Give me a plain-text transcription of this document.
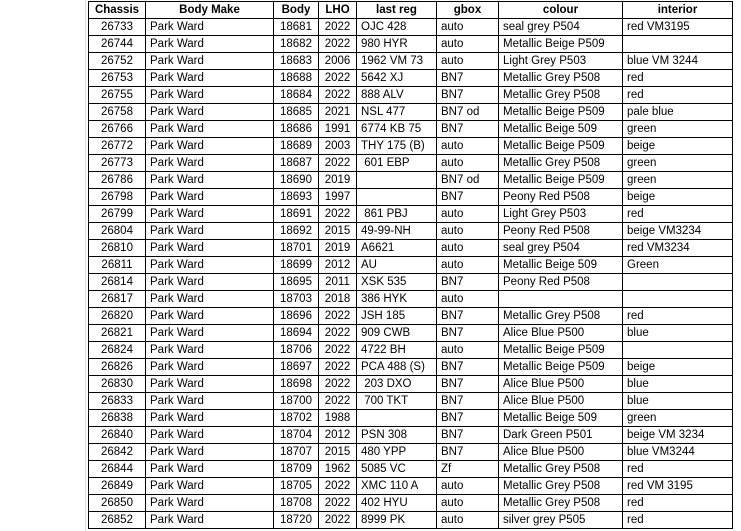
Chassis	Body Make	Body	LHO	last reg	gbox	colour	interior
26733	Park Ward	18681	2022	OJC 428	auto	seal grey P504	red VM3195
26744	Park Ward	18682	2022	980 HYR	auto	Metallic Beige P509	
26752	Park Ward	18683	2006	1962 VM 73	auto	Light Grey P503	blue VM 3244
26753	Park Ward	18688	2022	5642 XJ	BN7	Metallic Grey P508	red
26755	Park Ward	18684	2022	888 ALV	BN7	Metallic Grey P508	red
26758	Park Ward	18685	2021	NSL 477	BN7 od	Metallic Beige P509	pale blue
26766	Park Ward	18686	1991	6774 KB 75	BN7	Metallic Beige 509	green
26772	Park Ward	18689	2003	THY 175 (B)	auto	Metallic Beige P509	beige
26773	Park Ward	18687	2022	601 EBP	auto	Metallic Grey P508	green
26786	Park Ward	18690	2019		BN7 od	Metallic Beige P509	green
26798	Park Ward	18693	1997		BN7	Peony Red P508	beige
26799	Park Ward	18691	2022	861 PBJ	auto	Light Grey P503	red
26804	Park Ward	18692	2015	49-99-NH	auto	Peony Red P508	beige VM3234
26810	Park Ward	18701	2019	A6621	auto	seal grey P504	red VM3234
26811	Park Ward	18699	2012	AU	auto	Metallic Beige 509	Green
26814	Park Ward	18695	2011	XSK 535	BN7	Peony Red P508	
26817	Park Ward	18703	2018	386 HYK	auto		
26820	Park Ward	18696	2022	JSH 185	BN7	Metallic Grey P508	red
26821	Park Ward	18694	2022	909 CWB	BN7	Alice Blue P500	blue
26824	Park Ward	18706	2022	4722 BH	auto	Metallic Beige P509	
26826	Park Ward	18697	2022	PCA 488 (S)	BN7	Metallic Beige P509	beige
26830	Park Ward	18698	2022	203 DXO	BN7	Alice Blue P500	blue
26833	Park Ward	18700	2022	700 TKT	BN7	Alice Blue P500	blue
26838	Park Ward	18702	1988		BN7	Metallic Beige 509	green
26840	Park Ward	18704	2012	PSN 308	BN7	Dark Green P501	beige VM 3234
26842	Park Ward	18707	2015	480 YPP	BN7	Alice Blue P500	blue VM3244
26844	Park Ward	18709	1962	5085 VC	Zf	Metallic Grey P508	red
26849	Park Ward	18705	2022	XMC 110 A	auto	Metallic Grey P508	red VM 3195
26850	Park Ward	18708	2022	402 HYU	auto	Metallic Grey P508	red
26852	Park Ward	18720	2022	8999 PK	auto	silver grey P505	red
